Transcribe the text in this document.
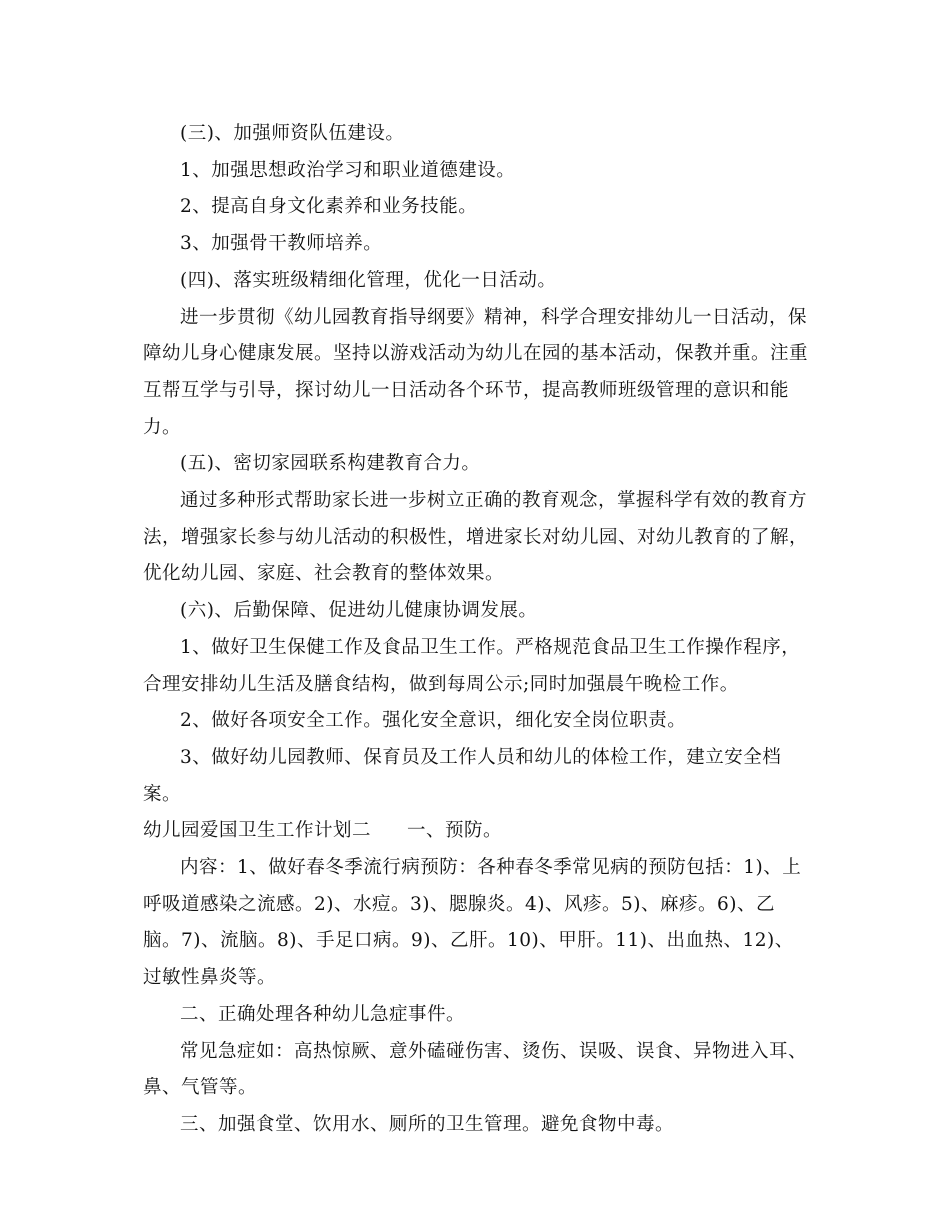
(三)、加强师资队伍建设。

1、加强思想政治学习和职业道德建设。

2、提高自身文化素养和业务技能。

3、加强骨干教师培养。

(四)、落实班级精细化管理，优化一日活动。

进一步贯彻《幼儿园教育指导纲要》精神，科学合理安排幼儿一日活动，保障幼儿身心健康发展。坚持以游戏活动为幼儿在园的基本活动，保教并重。注重互帮互学与引导，探讨幼儿一日活动各个环节，提高教师班级管理的意识和能力。

(五)、密切家园联系构建教育合力。

通过多种形式帮助家长进一步树立正确的教育观念，掌握科学有效的教育方法，增强家长参与幼儿活动的积极性，增进家长对幼儿园、对幼儿教育的了解，优化幼儿园、家庭、社会教育的整体效果。

(六)、后勤保障、促进幼儿健康协调发展。

1、做好卫生保健工作及食品卫生工作。严格规范食品卫生工作操作程序，合理安排幼儿生活及膳食结构，做到每周公示;同时加强晨午晚检工作。

2、做好各项安全工作。强化安全意识，细化安全岗位职责。

3、做好幼儿园教师、保育员及工作人员和幼儿的体检工作，建立安全档案。

幼儿园爱国卫生工作计划二 一、预防。

内容：1、做好春冬季流行病预防：各种春冬季常见病的预防包括：1)、上呼吸道感染之流感。2)、水痘。3)、腮腺炎。4)、风疹。5)、麻疹。6)、乙脑。7)、流脑。8)、手足口病。9)、乙肝。10)、甲肝。11)、出血热、12)、过敏性鼻炎等。

二、正确处理各种幼儿急症事件。

常见急症如：高热惊厥、意外磕碰伤害、烫伤、误吸、误食、异物进入耳、鼻、气管等。

三、加强食堂、饮用水、厕所的卫生管理。避免食物中毒。
